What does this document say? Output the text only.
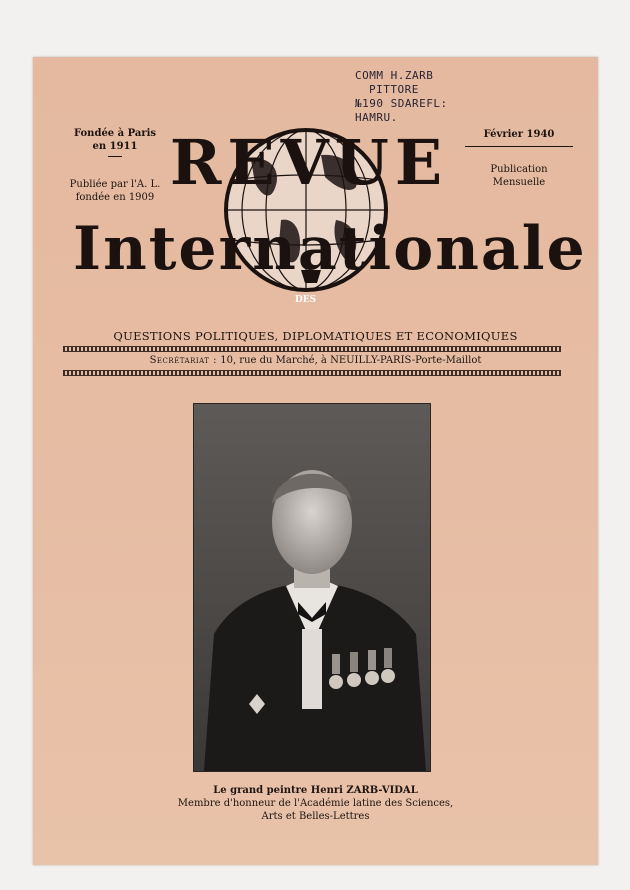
COMM H.ZARB
PITTORE
№190 SDAREFL:
HAMRU.
Fondée à Paris
en 1911
Publiée par l'A. L.
fondée en 1909
Février 1940
Publication
Mensuelle
REVUE
Internationale
DES
QUESTIONS POLITIQUES, DIPLOMATIQUES ET ECONOMIQUES
Secrétariat : 10, rue du Marché, à NEUILLY-PARIS-Porte-Maillot
Le grand peintre Henri ZARB-VIDAL
Membre d'honneur de l'Académie latine des Sciences,
Arts et Belles-Lettres
